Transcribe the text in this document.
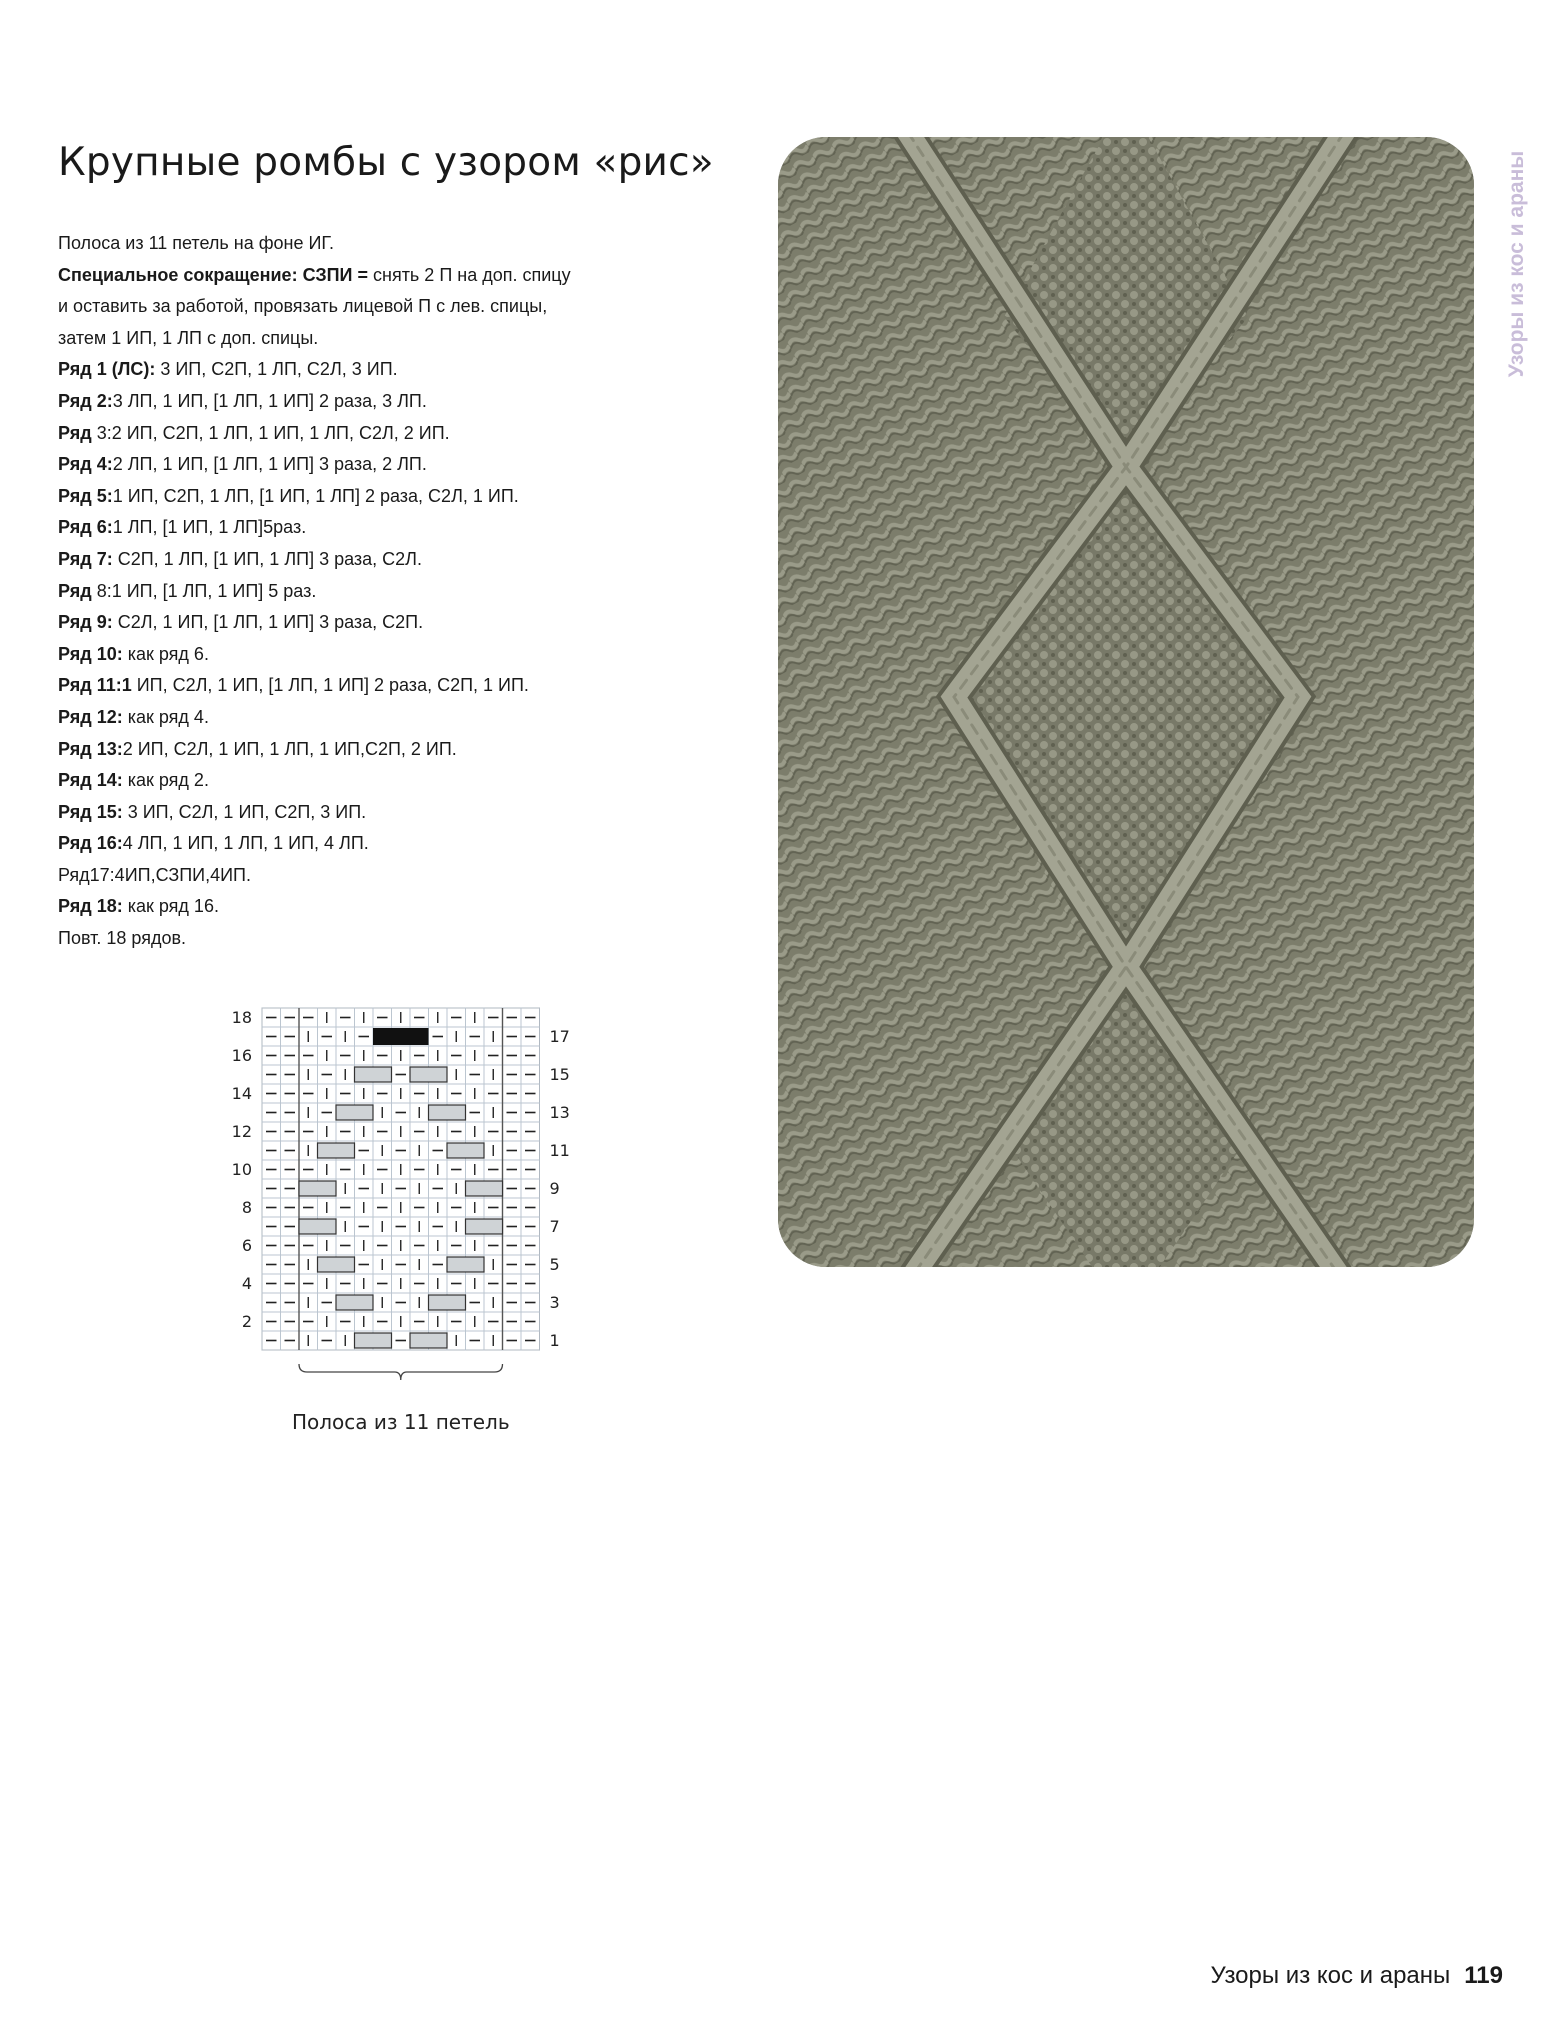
Крупные ромбы с узором «рис»
Полоса из 11 петель на фоне ИГ.
Специальное сокращение: СЗПИ = снять 2 П на доп. спицу
и оставить за работой, провязать лицевой П с лев. спицы,
затем 1 ИП, 1 ЛП с доп. спицы.
Ряд 1 (ЛС): 3 ИП, С2П, 1 ЛП, С2Л, 3 ИП.
Ряд 2:3 ЛП, 1 ИП, [1 ЛП, 1 ИП] 2 раза, 3 ЛП.
Ряд 3:2 ИП, С2П, 1 ЛП, 1 ИП, 1 ЛП, С2Л, 2 ИП.
Ряд 4:2 ЛП, 1 ИП, [1 ЛП, 1 ИП] 3 раза, 2 ЛП.
Ряд 5:1 ИП, С2П, 1 ЛП, [1 ИП, 1 ЛП] 2 раза, С2Л, 1 ИП.
Ряд 6:1 ЛП, [1 ИП, 1 ЛП]5раз.
Ряд 7: С2П, 1 ЛП, [1 ИП, 1 ЛП] 3 раза, С2Л.
Ряд 8:1 ИП, [1 ЛП, 1 ИП] 5 раз.
Ряд 9: С2Л, 1 ИП, [1 ЛП, 1 ИП] 3 раза, С2П.
Ряд 10: как ряд 6.
Ряд 11:1 ИП, С2Л, 1 ИП, [1 ЛП, 1 ИП] 2 раза, С2П, 1 ИП.
Ряд 12: как ряд 4.
Ряд 13:2 ИП, С2Л, 1 ИП, 1 ЛП, 1 ИП,С2П, 2 ИП.
Ряд 14: как ряд 2.
Ряд 15: 3 ИП, С2Л, 1 ИП, С2П, 3 ИП.
Ряд 16:4 ЛП, 1 ИП, 1 ЛП, 1 ИП, 4 ЛП.
Ряд17:4ИП,СЗПИ,4ИП.
Ряд 18: как ряд 16.
Повт. 18 рядов.
18
16
14
12
10
8
6
4
2
17
15
13
11
9
7
5
3
1
Полоса из 11 петель
Узоры из кос и араны
Узоры из кос и араны 119
